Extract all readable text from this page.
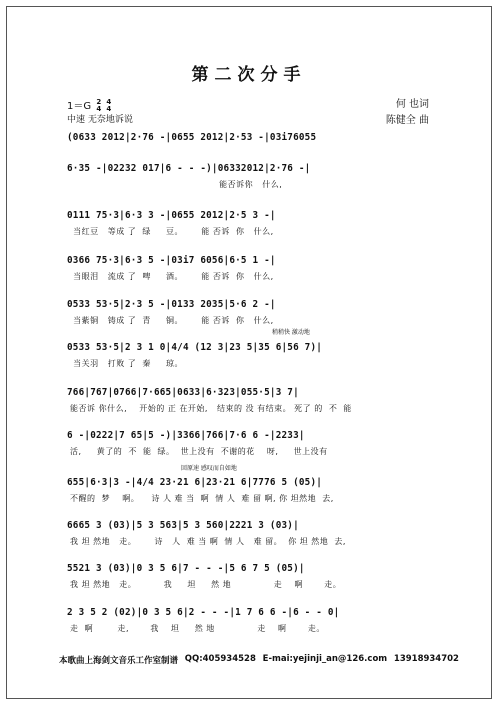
第二次分手
1＝G 2
4 4
4	何 也词
陈健全 曲
中速 无奈地诉说
(0633 2012|2·76 -|0655 2012|2·53 -|03i76055
6·35 -|02232 017|6 - - -)|06332012|2·76 -|
能否诉你   什么,
0111 75·3|6·3 3 -|0655 2012|2·5 3 -|
当红豆   等成 了  绿     豆。      能 否诉  你   什么,
0366 75·3|6·3 5 -|03i7 6056|6·5 1 -|
当眼泪   流成 了  啤     酒。      能 否诉  你   什么,
0533 53·5|2·3 5 -|0133 2035|5·6 2 -|
当紫铜   铸成 了  青     铜。      能 否诉  你   什么,
0533 53·5|2 3 1 0|4/4 (12 3|23 5|35 6|56 7)|
当关羽   打败 了  秦     琼。
766|767|0766|7·665|0633|6·323|055·5|3 7|
能否诉 你什么,    开始的 正 在开始,   结束的 没 有结束。 死了 的  不  能
6 -|0222|7 65|5 -)|3366|766|7·6 6 -|2233|
活,     黄了的  不  能  绿。  世上没有  不谢的花    呀,     世上没有
655|6·3|3 -|4/4 23·21 6|23·21 6|7776 5 (05)|
不醒的  梦    啊。    诗 人 难 当  啊  情 人  难 留 啊, 你 坦然地  去,
6665 3 (03)|5 3 563|5 3 560|2221 3 (03)|
我 坦 然地   走。      诗   人  难 当 啊  情 人   难 留。  你 坦 然地  去,
5521 3 (03)|0 3 5 6|7 - - -|5 6 7 5 (05)|
我 坦 然地   走。         我     坦     然 地              走    啊       走。
2 3 5 2 (02)|0 3 5 6|2 - - -|1 7 6 6 -|6 - - 0|
走  啊        走,       我    坦     然 地              走    啊       走。
稍稍快 激动地
回原速 感叹而自如地
本歌曲上海剑文音乐工作室制谱 QQ:405934528 E-mai:yejinji_an@126.com 13918934702
